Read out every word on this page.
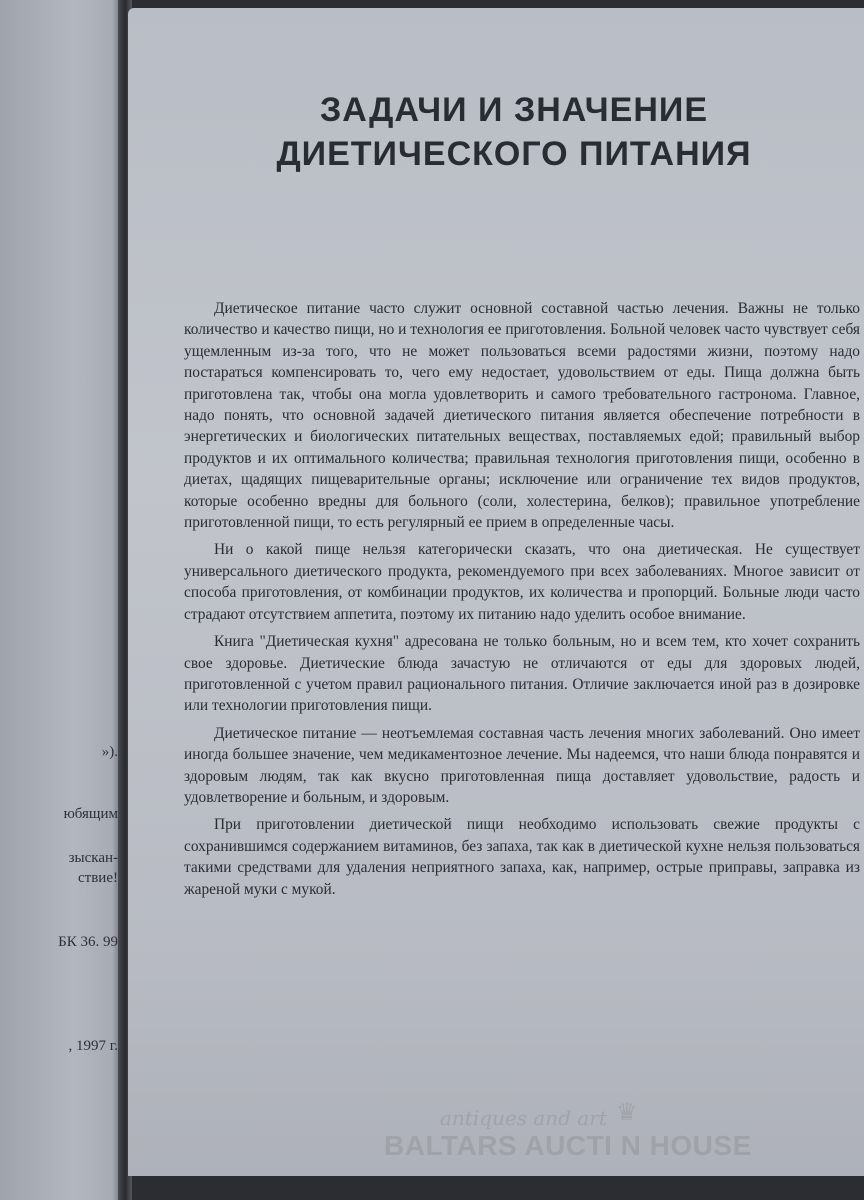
»).
юбящим
зыскан-
ствие!
БК 36. 99
, 1997 г.
ЗАДАЧИ И ЗНАЧЕНИЕ
ДИЕТИЧЕСКОГО ПИТАНИЯ

Диетическое питание часто служит основной составной частью лечения. Важны не только количество и качество пищи, но и технология ее приготовления. Больной человек часто чувствует себя ущемленным из-за того, что не может пользоваться всеми радостями жизни, поэтому надо постараться компенсировать то, чего ему недостает, удовольствием от еды. Пища должна быть приготовлена так, чтобы она могла удовлетворить и самого требовательного гастронома. Главное, надо понять, что основной задачей диетического питания является обеспечение потребности в энергетических и биологических питательных веществах, поставляемых едой; правильный выбор продуктов и их оптимального количества; правильная технология приготовления пищи, особенно в диетах, щадящих пищеварительные органы; исключение или ограничение тех видов продуктов, которые особенно вредны для больного (соли, холестерина, белков); правильное употребление приготовленной пищи, то есть регулярный ее прием в определенные часы.

Ни о какой пище нельзя категорически сказать, что она диетическая. Не существует универсального диетического продукта, рекомендуемого при всех заболеваниях. Многое зависит от способа приготовления, от комбинации продуктов, их количества и пропорций. Больные люди часто страдают отсутствием аппетита, поэтому их питанию надо уделить особое внимание.

Книга "Диетическая кухня" адресована не только больным, но и всем тем, кто хочет сохранить свое здоровье. Диетические блюда зачастую не отличаются от еды для здоровых людей, приготовленной с учетом правил рационального питания. Отличие заключается иной раз в дозировке или технологии приготовления пищи.

Диетическое питание — неотъемлемая составная часть лечения многих заболеваний. Оно имеет иногда большее значение, чем медикаментозное лечение. Мы надеемся, что наши блюда понравятся и здоровым людям, так как вкусно приготовленная пища доставляет удовольствие, радость и удовлетворение и больным, и здоровым.

При приготовлении диетической пищи необходимо использовать свежие продукты с сохранившимся содержанием витаминов, без запаха, так как в диетической кухне нельзя пользоваться такими средствами для удаления неприятного запаха, как, например, острые приправы, заправка из жареной муки с мукой.

♛
antiques and art
BALTARS AUCTI N HOUSE
